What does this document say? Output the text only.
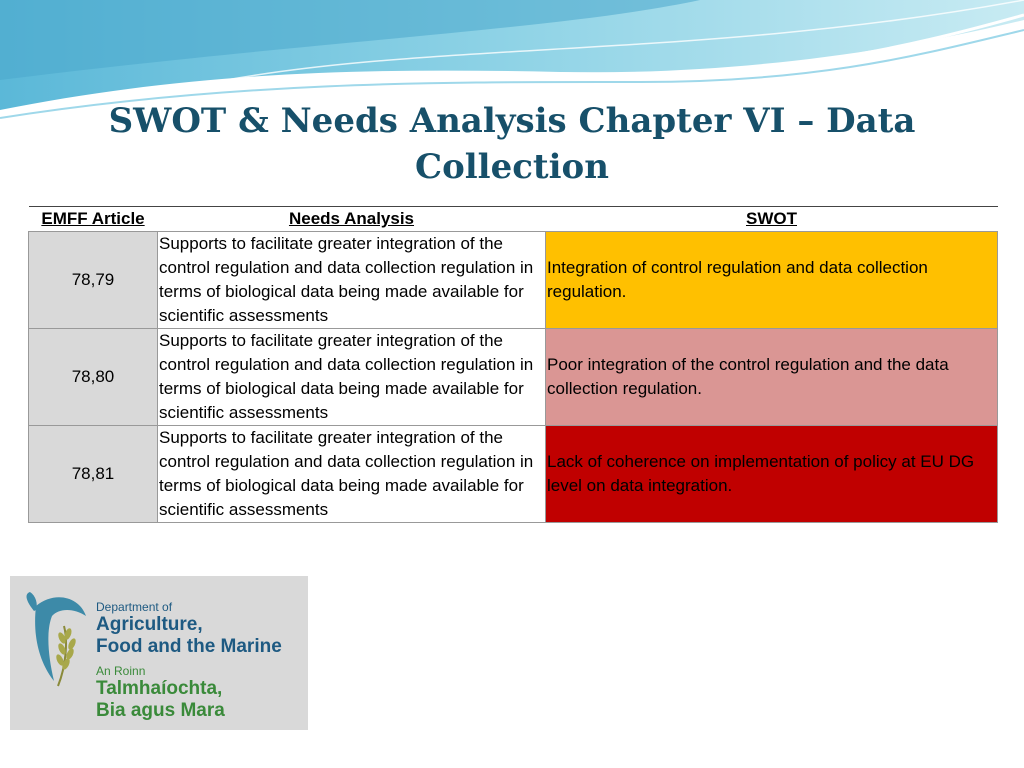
SWOT & Needs Analysis Chapter VI – Data
Collection
EMFF Article	Needs Analysis	SWOT
78,79	Supports to facilitate greater integration of the control regulation and data collection regulation in terms of biological data being made available for scientific assessments	Integration of control regulation and data collection regulation.
78,80	Supports to facilitate greater integration of the control regulation and data collection regulation in terms of biological data being made available for scientific assessments	Poor integration of the control regulation and the data collection regulation.
78,81	Supports to facilitate greater integration of the control regulation and data collection regulation in terms of biological data being made available for scientific assessments	Lack of coherence on implementation of policy at EU DG level on data integration.
Department of
Agriculture,
Food and the Marine
An Roinn
Talmhaíochta,
Bia agus Mara
